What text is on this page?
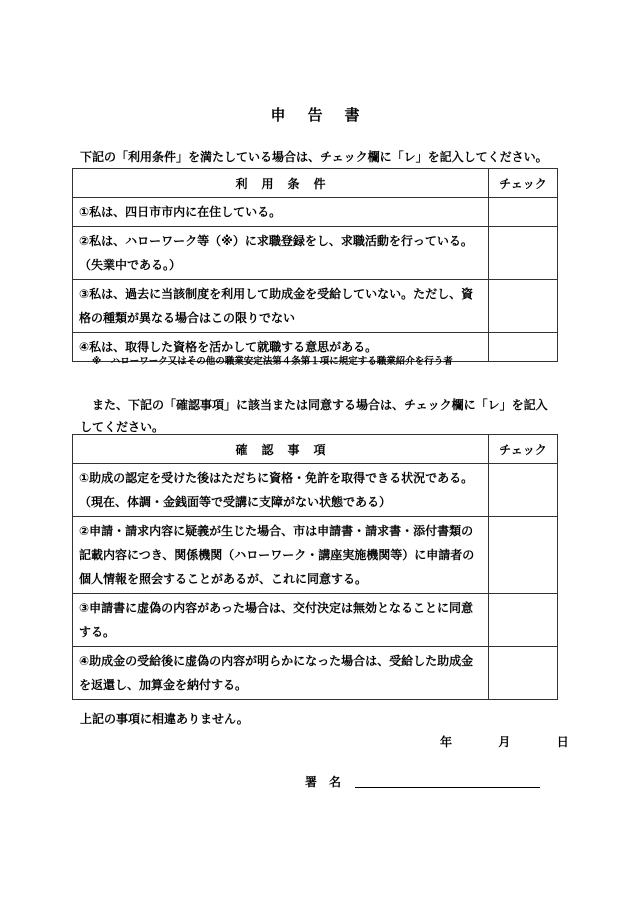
申告書
下記の「利用条件」を満たしている場合は、チェック欄に「レ」を記入してください。
利用条件	チェック
①私は、四日市市内に在住している。	
②私は、ハローワーク等（※）に求職登録をし、求職活動を行っている。（失業中である。）	
③私は、過去に当該制度を利用して助成金を受給していない。ただし、資格の種類が異なる場合はこの限りでない	
④私は、取得した資格を活かして就職する意思がある。	
※　ハローワーク又はその他の職業安定法第４条第１項に規定する職業紹介を行う者
また、下記の「確認事項」に該当または同意する場合は、チェック欄に「レ」を記入してください。
確認事項	チェック
①助成の認定を受けた後はただちに資格・免許を取得できる状況である。（現在、体調・金銭面等で受講に支障がない状態である）	
②申請・請求内容に疑義が生じた場合、市は申請書・請求書・添付書類の記載内容につき、関係機関（ハローワーク・講座実施機関等）に申請者の個人情報を照会することがあるが、これに同意する。	
③申請書に虚偽の内容があった場合は、交付決定は無効となることに同意する。	
④助成金の受給後に虚偽の内容が明らかになった場合は、受給した助成金を返還し、加算金を納付する。	
上記の事項に相違ありません。
年	月	日
署名
